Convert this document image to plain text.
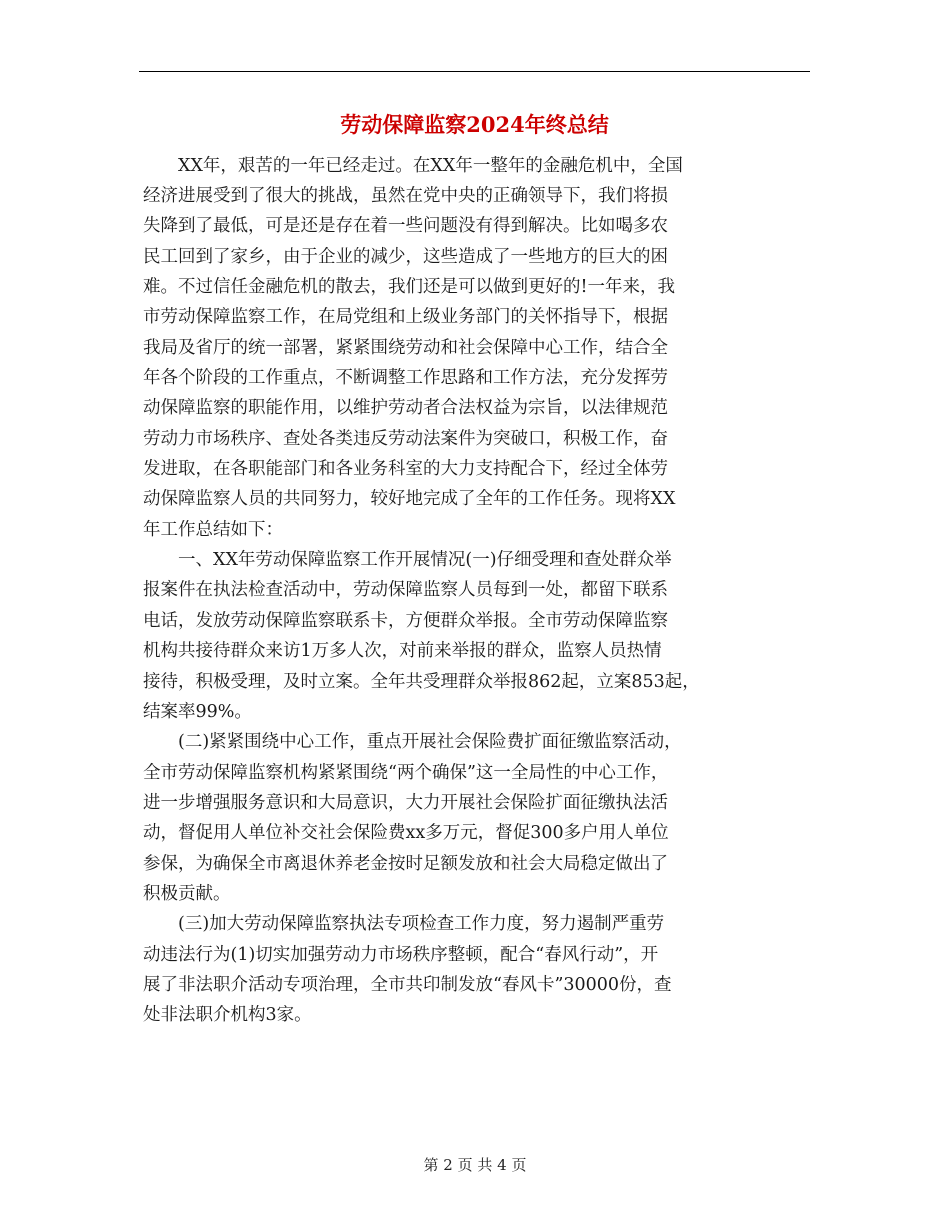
劳动保障监察2024年终总结
　　XX年，艰苦的一年已经走过。在XX年一整年的金融危机中，全国
经济进展受到了很大的挑战，虽然在党中央的正确领导下，我们将损
失降到了最低，可是还是存在着一些问题没有得到解决。比如喝多农
民工回到了家乡，由于企业的减少，这些造成了一些地方的巨大的困
难。不过信任金融危机的散去，我们还是可以做到更好的!一年来，我
市劳动保障监察工作，在局党组和上级业务部门的关怀指导下，根据
我局及省厅的统一部署，紧紧围绕劳动和社会保障中心工作，结合全
年各个阶段的工作重点，不断调整工作思路和工作方法，充分发挥劳
动保障监察的职能作用，以维护劳动者合法权益为宗旨，以法律规范
劳动力市场秩序、查处各类违反劳动法案件为突破口，积极工作，奋
发进取，在各职能部门和各业务科室的大力支持配合下，经过全体劳
动保障监察人员的共同努力，较好地完成了全年的工作任务。现将XX
年工作总结如下：
　　一、XX年劳动保障监察工作开展情况(一)仔细受理和查处群众举
报案件在执法检查活动中，劳动保障监察人员每到一处，都留下联系
电话，发放劳动保障监察联系卡，方便群众举报。全市劳动保障监察
机构共接待群众来访1万多人次，对前来举报的群众，监察人员热情
接待，积极受理，及时立案。全年共受理群众举报862起，立案853起，
结案率99%。
　　(二)紧紧围绕中心工作，重点开展社会保险费扩面征缴监察活动，
全市劳动保障监察机构紧紧围绕“两个确保”这一全局性的中心工作，
进一步增强服务意识和大局意识，大力开展社会保险扩面征缴执法活
动，督促用人单位补交社会保险费xx多万元，督促300多户用人单位
参保，为确保全市离退休养老金按时足额发放和社会大局稳定做出了
积极贡献。
　　(三)加大劳动保障监察执法专项检查工作力度，努力遏制严重劳
动违法行为(1)切实加强劳动力市场秩序整顿，配合“春风行动”，开
展了非法职介活动专项治理，全市共印制发放“春风卡”30000份，查
处非法职介机构3家。
第 2 页 共 4 页
